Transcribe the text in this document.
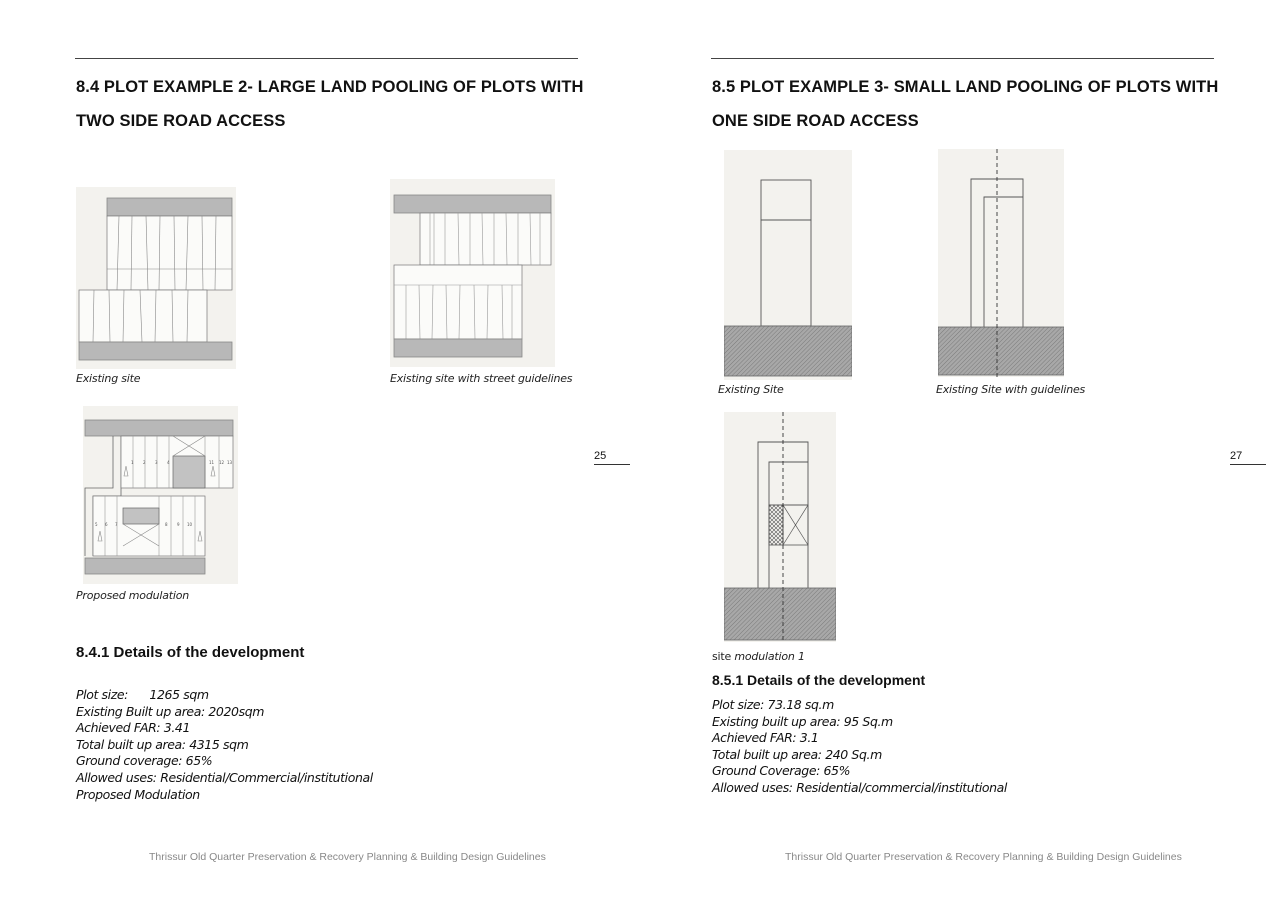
8.4 PLOT EXAMPLE 2- LARGE LAND POOLING OF PLOTS WITH
TWO SIDE ROAD ACCESS

Existing site	Existing site with street guidelines

1 2 3 4	11 12 13
5 6 7	8 9 10

Proposed modulation

8.4.1 Details of the development
Plot size:      1265 sqm
Existing Built up area: 2020sqm
Achieved FAR: 3.41
Total built up area: 4315 sqm
Ground coverage: 65%
Allowed uses: Residential/Commercial/institutional
Proposed Modulation
25
Thrissur Old Quarter Preservation & Recovery Planning & Building Design Guidelines
8.5 PLOT EXAMPLE 3- SMALL LAND POOLING OF PLOTS WITH
ONE SIDE ROAD ACCESS

Existing Site	Existing Site with guidelines

site modulation 1

8.5.1 Details of the development
Plot size: 73.18 sq.m
Existing built up area: 95 Sq.m
Achieved FAR: 3.1
Total built up area: 240 Sq.m
Ground Coverage: 65%
Allowed uses: Residential/commercial/institutional
27
Thrissur Old Quarter Preservation & Recovery Planning & Building Design Guidelines
